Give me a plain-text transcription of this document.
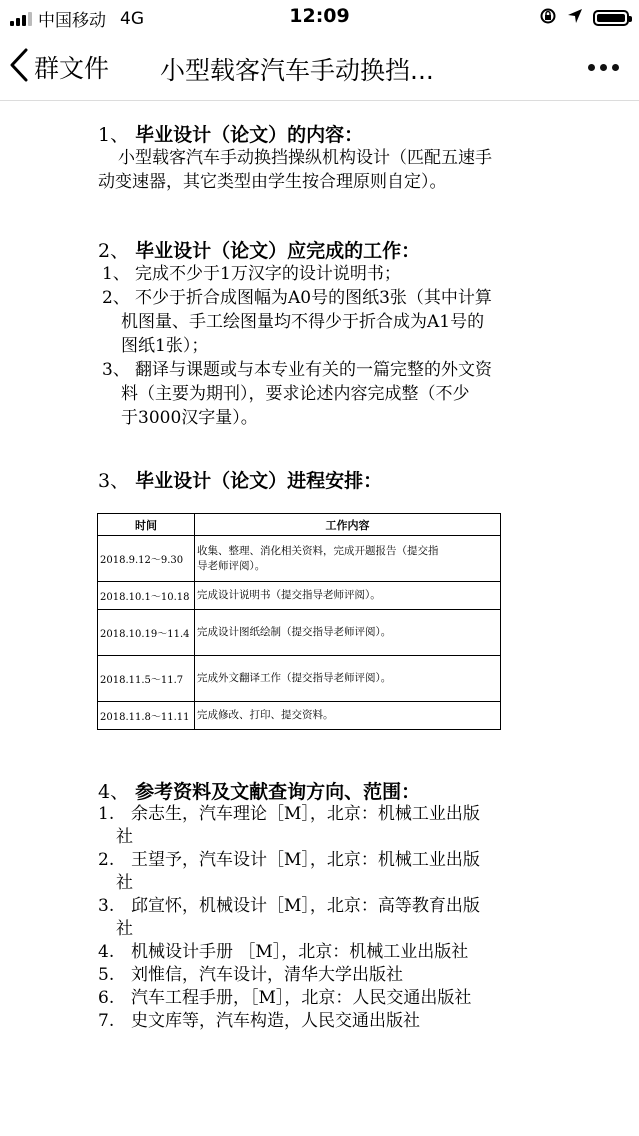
中国移动 4G	12:09
群文件 小型载客汽车手动换挡...
1、 毕业设计（论文）的内容：
小型载客汽车手动换挡操纵机构设计（匹配五速手
动变速器，其它类型由学生按合理原则自定）。
2、 毕业设计（论文）应完成的工作：
1、 完成不少于1万汉字的设计说明书；
2、 不少于折合成图幅为A0号的图纸3张（其中计算
机图量、手工绘图量均不得少于折合成为A1号的
图纸1张）；
3、 翻译与课题或与本专业有关的一篇完整的外文资
料（主要为期刊），要求论述内容完成整（不少
于3000汉字量）。
3、 毕业设计（论文）进程安排：
时间	工作内容
2018.9.12～9.30	收集、整理、消化相关资料，完成开题报告（提交指
导老师评阅）。

2018.10.1～10.18	完成设计说明书（提交指导老师评阅）。
2018.10.19～11.4	完成设计图纸绘制（提交指导老师评阅）。
2018.11.5～11.7	完成外文翻译工作（提交指导老师评阅）。
2018.11.8～11.11	完成修改、打印、提交资料。
4、 参考资料及文献查询方向、范围：
1. 余志生，汽车理论［M］，北京：机械工业出版
社
2. 王望予，汽车设计［M］，北京：机械工业出版
社
3. 邱宣怀，机械设计［M］，北京：高等教育出版
社
4. 机械设计手册 ［M］，北京：机械工业出版社
5. 刘惟信，汽车设计，清华大学出版社
6. 汽车工程手册，［M］，北京：人民交通出版社
7. 史文库等，汽车构造，人民交通出版社
